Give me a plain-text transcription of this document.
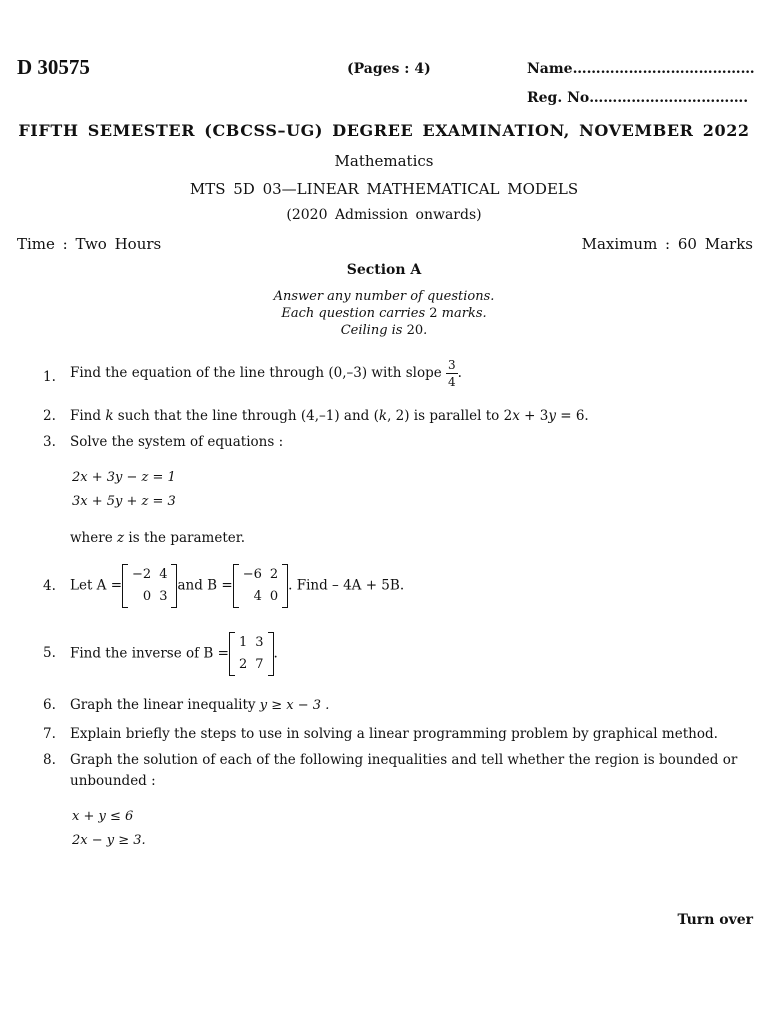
D 30575	(Pages : 4)	Name…………………………………
Reg. No…………………………….
FIFTH SEMESTER (CBCSS–UG) DEGREE EXAMINATION, NOVEMBER 2022
Mathematics
MTS 5D 03—LINEAR MATHEMATICAL MODELS
(2020 Admission onwards)
Time : Two Hours	Maximum : 60 Marks
Section A
Answer any number of questions.
Each question carries 2 marks.
Ceiling is 20.
1. Find the equation of the line through (0,–3) with slope $\frac{3}{4}$ .
2. Find k such that the line through (4,–1) and (k, 2) is parallel to 2x + 3y = 6.
3. Solve the system of equations :
2x + 3y − z = 1
3x + 5y + z = 3
where z is the parameter.
4. Let A =
−2	4
0	3
and B =
−6	2
4	0
. Find – 4A + 5B.
5. Find the inverse of B =
1	3
2	7
.
6. Graph the linear inequality y ≥ x − 3 .
7. Explain briefly the steps to use in solving a linear programming problem by graphical method.
8. Graph the solution of each of the following inequalities and tell whether the region is bounded or
unbounded :
x + y ≤ 6
2x − y ≥ 3.
Turn over
